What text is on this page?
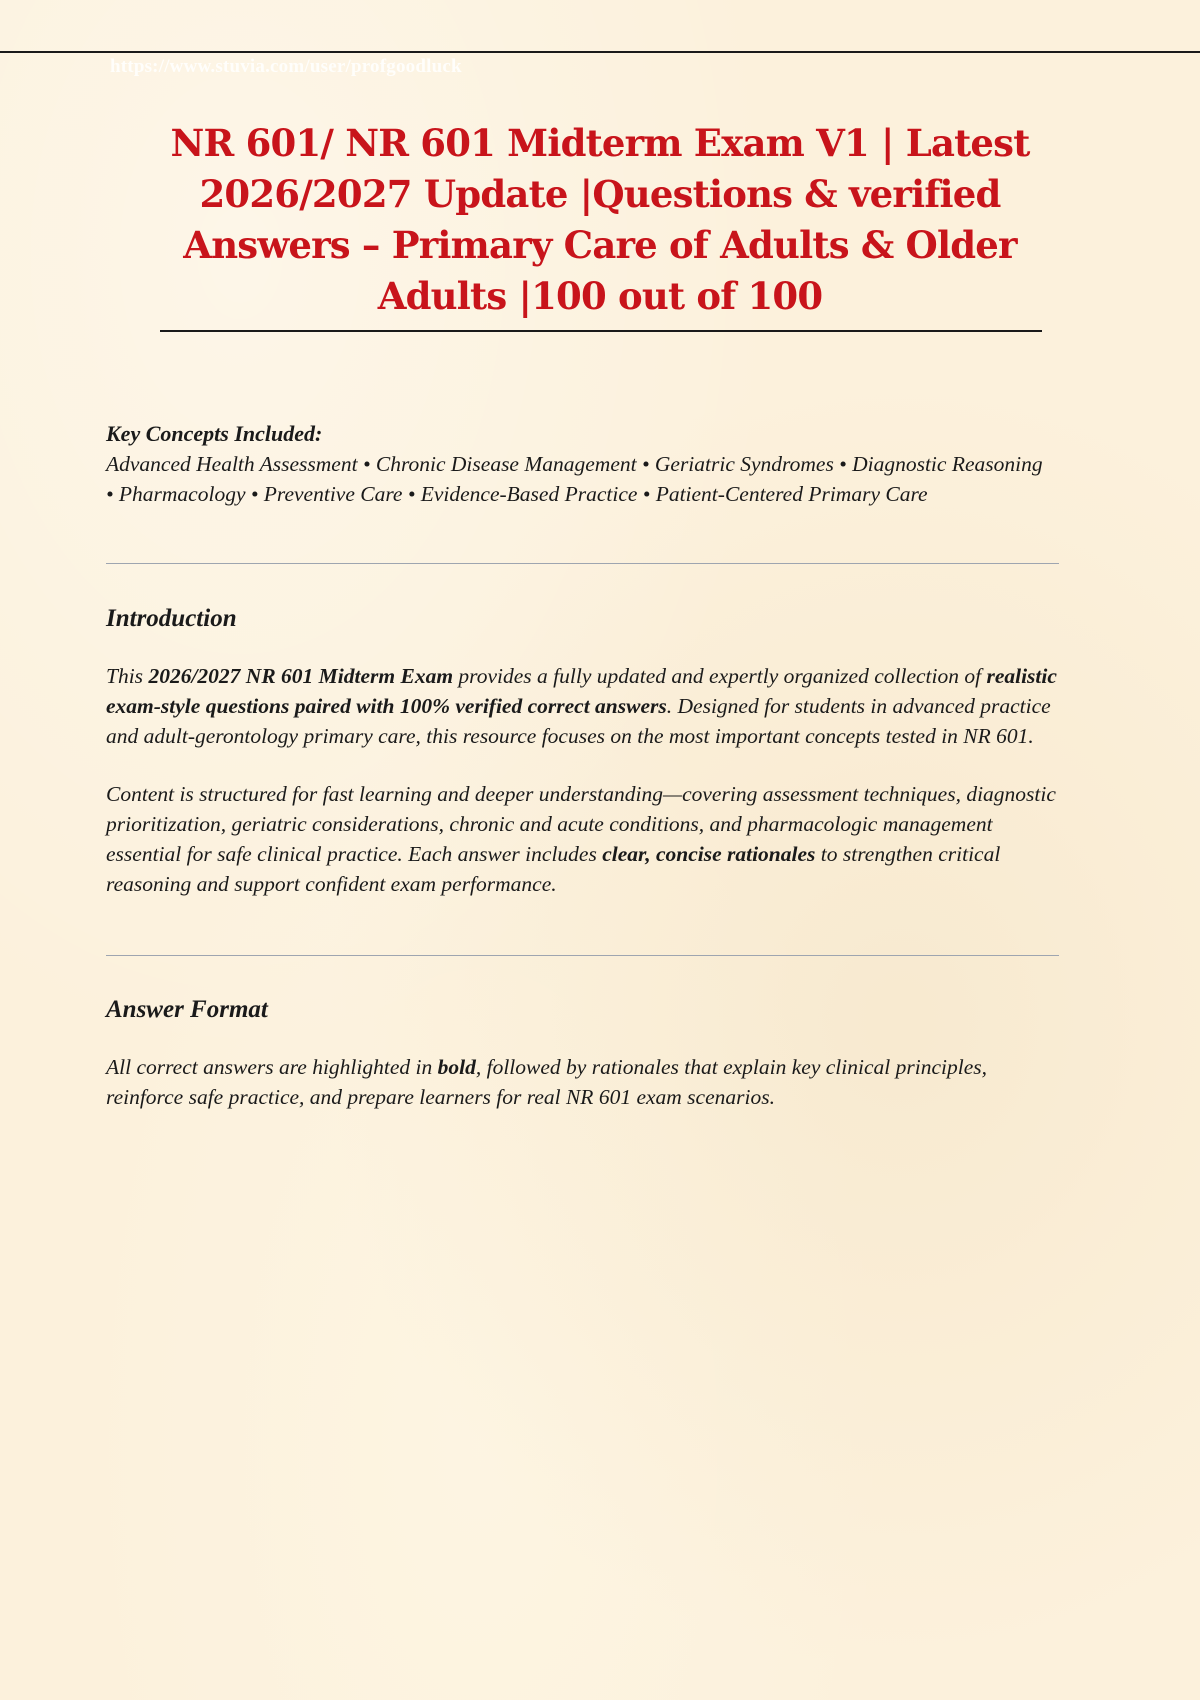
https://www.stuvia.com/user/profgoodluck
NR 601/ NR 601 Midterm Exam V1 | Latest 2026/2027 Update |Questions & verified Answers – Primary Care of Adults & Older Adults |100 out of 100

Key Concepts Included:

Advanced Health Assessment • Chronic Disease Management • Geriatric Syndromes • Diagnostic Reasoning • Pharmacology • Preventive Care • Evidence-Based Practice • Patient-Centered Primary Care

Introduction

This 2026/2027 NR 601 Midterm Exam provides a fully updated and expertly organized collection of realistic exam-style questions paired with 100% verified correct answers. Designed for students in advanced practice and adult-gerontology primary care, this resource focuses on the most important concepts tested in NR 601.

Content is structured for fast learning and deeper understanding—covering assessment techniques, diagnostic prioritization, geriatric considerations, chronic and acute conditions, and pharmacologic management essential for safe clinical practice. Each answer includes clear, concise rationales to strengthen critical reasoning and support confident exam performance.

Answer Format

All correct answers are highlighted in bold, followed by rationales that explain key clinical principles, reinforce safe practice, and prepare learners for real NR 601 exam scenarios.
